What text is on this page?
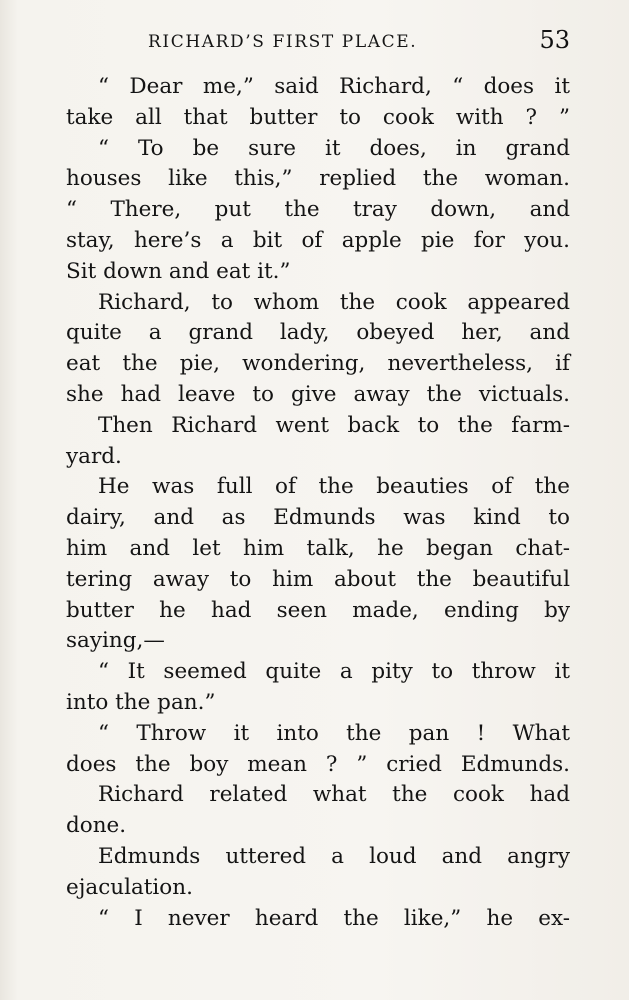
RICHARD’S FIRST PLACE.	53
“ Dear me,” said Richard, “ does it
take all that butter to cook with ? ”
“ To be sure it does, in grand
houses like this,” replied the woman.
“ There, put the tray down, and
stay, here’s a bit of apple pie for you.
Sit down and eat it.”
Richard, to whom the cook appeared
quite a grand lady, obeyed her, and
eat the pie, wondering, nevertheless, if
she had leave to give away the victuals.
Then Richard went back to the farm-
yard.
He was full of the beauties of the
dairy, and as Edmunds was kind to
him and let him talk, he began chat-
tering away to him about the beautiful
butter he had seen made, ending by
saying,—
“ It seemed quite a pity to throw it
into the pan.”
“ Throw it into the pan ! What
does the boy mean ? ” cried Edmunds.
Richard related what the cook had
done.
Edmunds uttered a loud and angry
ejaculation.
“ I never heard the like,” he ex-
